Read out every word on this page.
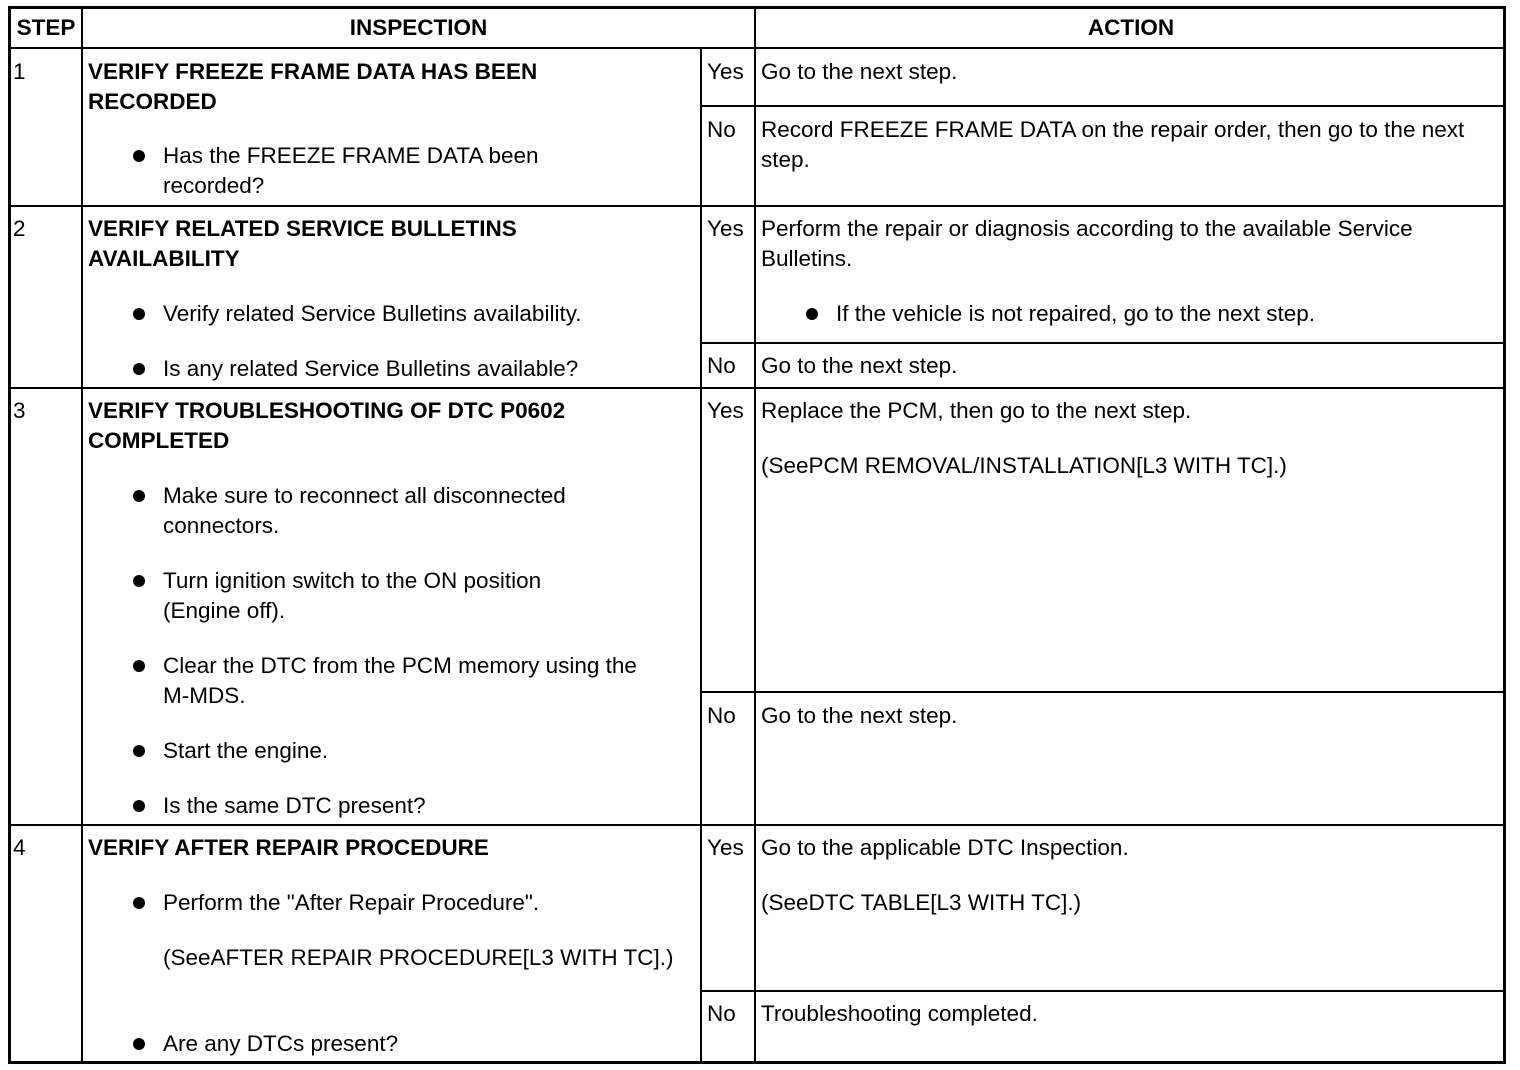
STEP	INSPECTION	ACTION
1	VERIFY FREEZE FRAME DATA HAS BEEN RECORDED
Has the FREEZE FRAME DATA been recorded?
Yes Go to the next step.
No Record FREEZE FRAME DATA on the repair order, then go to the next step.
2	VERIFY RELATED SERVICE BULLETINS AVAILABILITY
Verify related Service Bulletins availability.
Is any related Service Bulletins available?
Yes Perform the repair or diagnosis according to the available Service Bulletins.
If the vehicle is not repaired, go to the next step.
No Go to the next step.
3	VERIFY TROUBLESHOOTING OF DTC P0602 COMPLETED
Make sure to reconnect all disconnected connectors.
Turn ignition switch to the ON position (Engine off).
Clear the DTC from the PCM memory using the M-MDS.
Start the engine.
Is the same DTC present?
Yes Replace the PCM, then go to the next step.
(SeePCM REMOVAL/INSTALLATION[L3 WITH TC].)
No Go to the next step.
4	VERIFY AFTER REPAIR PROCEDURE
Perform the "After Repair Procedure".
(SeeAFTER REPAIR PROCEDURE[L3 WITH TC].)
Are any DTCs present?
Yes Go to the applicable DTC Inspection.
(SeeDTC TABLE[L3 WITH TC].)
No Troubleshooting completed.
